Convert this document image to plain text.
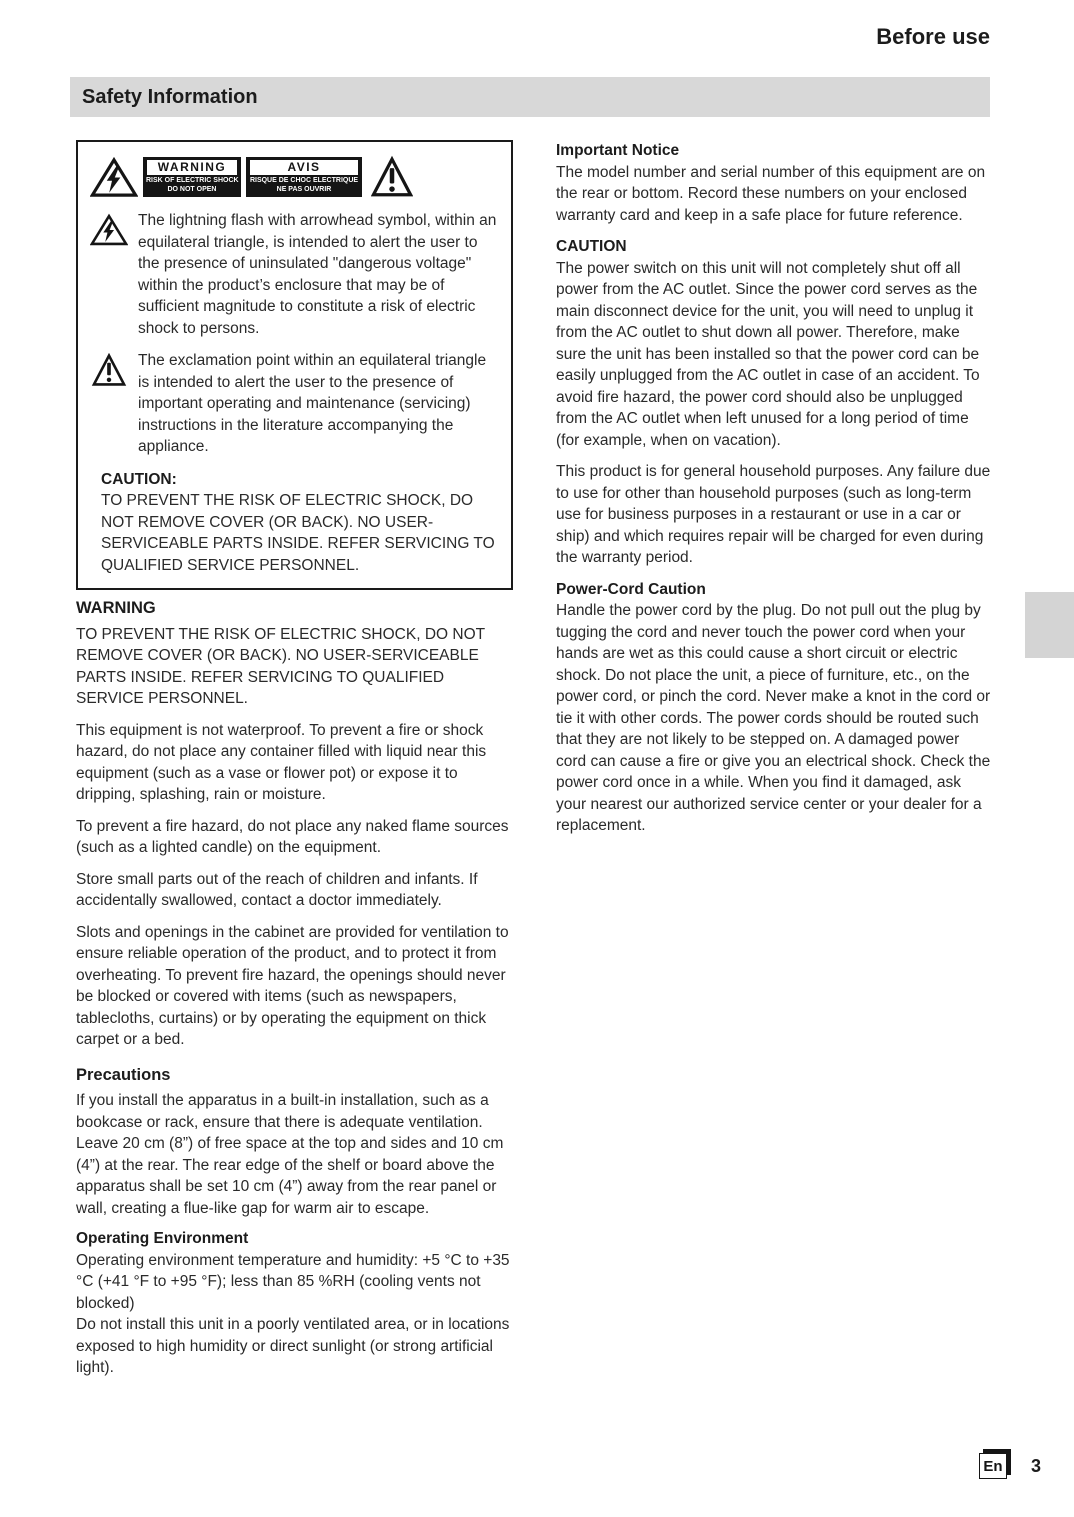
Before use
Safety Information
WARNING
RISK OF ELECTRIC SHOCK
DO NOT OPEN
AVIS
RISQUE DE CHOC ELECTRIQUE
NE PAS OUVRIR
The lightning flash with arrowhead symbol, within an equilateral triangle, is intended to alert the user to the presence of uninsulated "dangerous voltage" within the product’s enclosure that may be of sufficient magnitude to constitute a risk of electric shock to persons.
The exclamation point within an equilateral triangle is intended to alert the user to the presence of important operating and maintenance (servicing) instructions in the literature accompanying the appliance.
CAUTION:
TO PREVENT THE RISK OF ELECTRIC SHOCK, DO NOT REMOVE COVER (OR BACK). NO USER-SERVICEABLE PARTS INSIDE. REFER SERVICING TO QUALIFIED SERVICE PERSONNEL.
WARNING

TO PREVENT THE RISK OF ELECTRIC SHOCK, DO NOT REMOVE COVER (OR BACK). NO USER-SERVICEABLE PARTS INSIDE. REFER SERVICING TO QUALIFIED SERVICE PERSONNEL.

This equipment is not waterproof. To prevent a fire or shock hazard, do not place any container filled with liquid near this equipment (such as a vase or flower pot) or expose it to dripping, splashing, rain or moisture.

To prevent a fire hazard, do not place any naked flame sources (such as a lighted candle) on the equipment.

Store small parts out of the reach of children and infants. If accidentally swallowed, contact a doctor immediately.

Slots and openings in the cabinet are provided for ventilation to ensure reliable operation of the product, and to protect it from overheating. To prevent fire hazard, the openings should never be blocked or covered with items (such as newspapers, tablecloths, curtains) or by operating the equipment on thick carpet or a bed.

Precautions

If you install the apparatus in a built-in installation, such as a bookcase or rack, ensure that there is adequate ventilation.

Leave 20 cm (8”) of free space at the top and sides and 10 cm (4”) at the rear. The rear edge of the shelf or board above the apparatus shall be set 10 cm (4”) away from the rear panel or wall, creating a flue-like gap for warm air to escape.

Operating Environment

Operating environment temperature and humidity: +5 °C to +35 °C (+41 °F to +95 °F); less than 85 %RH (cooling vents not blocked)

Do not install this unit in a poorly ventilated area, or in locations exposed to high humidity or direct sunlight (or strong artificial light).

Important Notice

The model number and serial number of this equipment are on the rear or bottom. Record these numbers on your enclosed warranty card and keep in a safe place for future reference.

CAUTION

The power switch on this unit will not completely shut off all power from the AC outlet. Since the power cord serves as the main disconnect device for the unit, you will need to unplug it from the AC outlet to shut down all power. Therefore, make sure the unit has been installed so that the power cord can be easily unplugged from the AC outlet in case of an accident. To avoid fire hazard, the power cord should also be unplugged from the AC outlet when left unused for a long period of time (for example, when on vacation).

This product is for general household purposes. Any failure due to use for other than household purposes (such as long-term use for business purposes in a restaurant or use in a car or ship) and which requires repair will be charged for even during the warranty period.

Power-Cord Caution

Handle the power cord by the plug. Do not pull out the plug by tugging the cord and never touch the power cord when your hands are wet as this could cause a short circuit or electric shock. Do not place the unit, a piece of furniture, etc., on the power cord, or pinch the cord. Never make a knot in the cord or tie it with other cords. The power cords should be routed such that they are not likely to be stepped on. A damaged power cord can cause a fire or give you an electrical shock. Check the power cord once in a while. When you find it damaged, ask your nearest our authorized service center or your dealer for a replacement.

En 3
